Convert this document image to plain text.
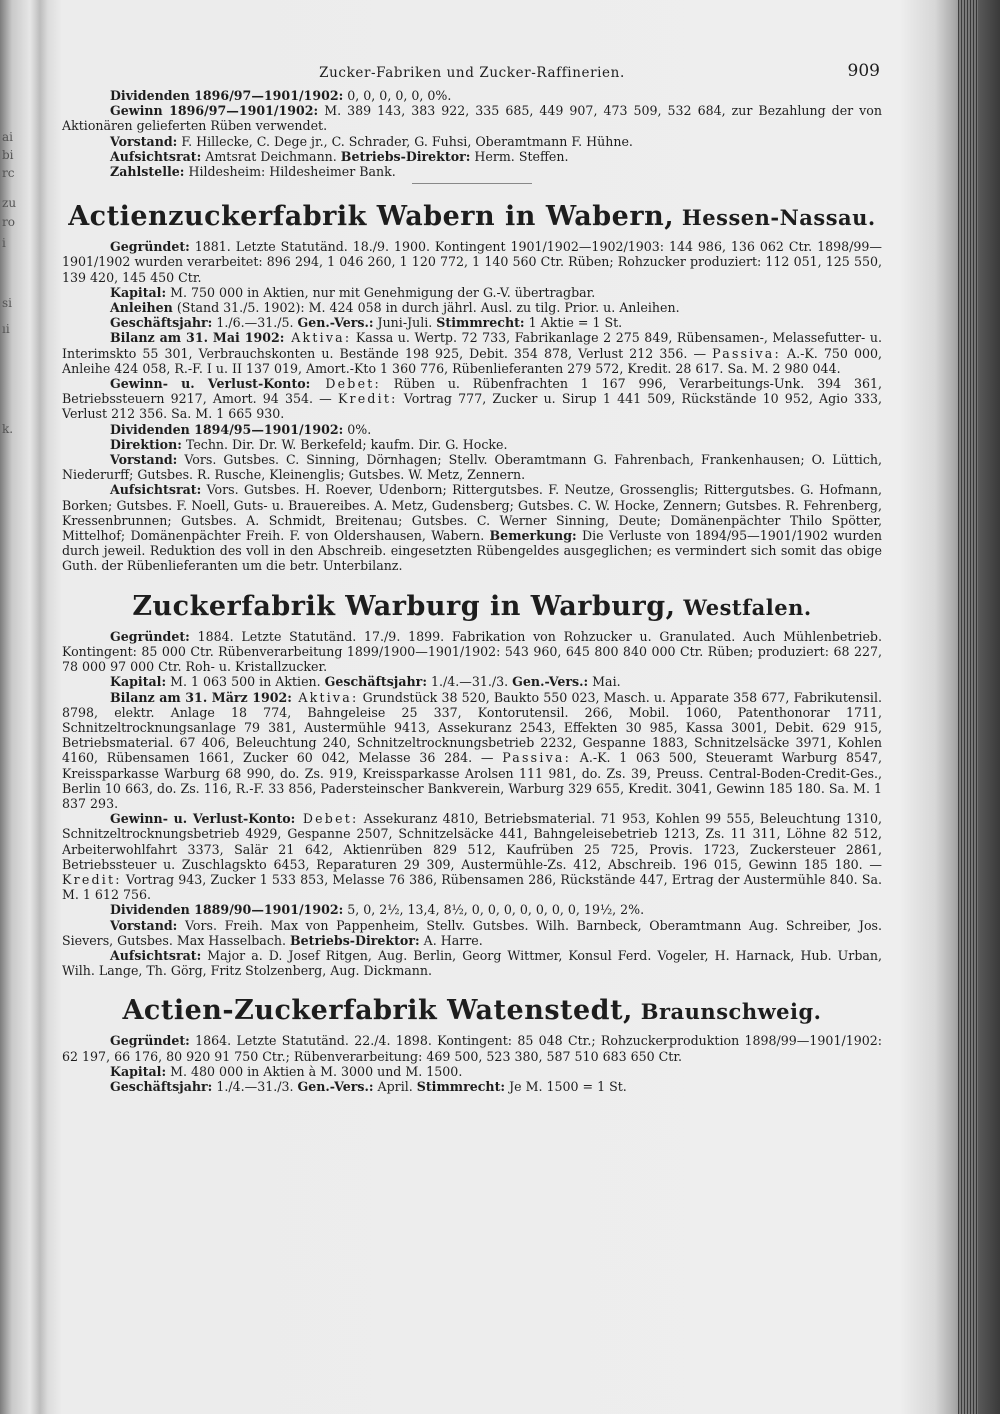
ai
bi
rc
zu
ro
i
si
ıi
k.
Zucker-Fabriken und Zucker-Raffinerien.	909

Dividenden 1896/97—1901/1902: 0, 0, 0, 0, 0, 0%.

Gewinn 1896/97—1901/1902: M. 389 143, 383 922, 335 685, 449 907, 473 509, 532 684, zur Bezahlung der von Aktionären gelieferten Rüben verwendet.

Vorstand: F. Hillecke, C. Dege jr., C. Schrader, G. Fuhsi, Oberamtmann F. Hühne.

Aufsichtsrat: Amtsrat Deichmann. Betriebs-Direktor: Herm. Steffen.

Zahlstelle: Hildesheim: Hildesheimer Bank.

Actienzuckerfabrik Wabern in Wabern, Hessen-Nassau.

Gegründet: 1881. Letzte Statutänd. 18./9. 1900. Kontingent 1901/1902—1902/1903: 144 986, 136 062 Ctr. 1898/99—1901/1902 wurden verarbeitet: 896 294, 1 046 260, 1 120 772, 1 140 560 Ctr. Rüben; Rohzucker produziert: 112 051, 125 550, 139 420, 145 450 Ctr.

Kapital: M. 750 000 in Aktien, nur mit Genehmigung der G.-V. übertragbar.

Anleihen (Stand 31./5. 1902): M. 424 058 in durch jährl. Ausl. zu tilg. Prior. u. Anleihen.

Geschäftsjahr: 1./6.—31./5. Gen.-Vers.: Juni-Juli. Stimmrecht: 1 Aktie = 1 St.

Bilanz am 31. Mai 1902: Aktiva: Kassa u. Wertp. 72 733, Fabrikanlage 2 275 849, Rübensamen-, Melassefutter- u. Interimskto 55 301, Verbrauchskonten u. Bestände 198 925, Debit. 354 878, Verlust 212 356. — Passiva: A.-K. 750 000, Anleihe 424 058, R.-F. I u. II 137 019, Amort.-Kto 1 360 776, Rübenlieferanten 279 572, Kredit. 28 617. Sa. M. 2 980 044.

Gewinn- u. Verlust-Konto: Debet: Rüben u. Rübenfrachten 1 167 996, Verarbeitungs-Unk. 394 361, Betriebssteuern 9217, Amort. 94 354. — Kredit: Vortrag 777, Zucker u. Sirup 1 441 509, Rückstände 10 952, Agio 333, Verlust 212 356. Sa. M. 1 665 930.

Dividenden 1894/95—1901/1902: 0%.

Direktion: Techn. Dir. Dr. W. Berkefeld; kaufm. Dir. G. Hocke.

Vorstand: Vors. Gutsbes. C. Sinning, Dörnhagen; Stellv. Oberamtmann G. Fahrenbach, Frankenhausen; O. Lüttich, Niederurff; Gutsbes. R. Rusche, Kleinenglis; Gutsbes. W. Metz, Zennern.

Aufsichtsrat: Vors. Gutsbes. H. Roever, Udenborn; Rittergutsbes. F. Neutze, Grossenglis; Rittergutsbes. G. Hofmann, Borken; Gutsbes. F. Noell, Guts- u. Brauereibes. A. Metz, Gudensberg; Gutsbes. C. W. Hocke, Zennern; Gutsbes. R. Fehrenberg, Kressenbrunnen; Gutsbes. A. Schmidt, Breitenau; Gutsbes. C. Werner Sinning, Deute; Domänenpächter Thilo Spötter, Mittelhof; Domänenpächter Freih. F. von Oldershausen, Wabern. Bemerkung: Die Verluste von 1894/95—1901/1902 wurden durch jeweil. Reduktion des voll in den Abschreib. eingesetzten Rübengeldes ausgeglichen; es vermindert sich somit das obige Guth. der Rübenlieferanten um die betr. Unterbilanz.

Zuckerfabrik Warburg in Warburg, Westfalen.

Gegründet: 1884. Letzte Statutänd. 17./9. 1899. Fabrikation von Rohzucker u. Granulated. Auch Mühlenbetrieb. Kontingent: 85 000 Ctr. Rübenverarbeitung 1899/1900—1901/1902: 543 960, 645 800 840 000 Ctr. Rüben; produziert: 68 227, 78 000 97 000 Ctr. Roh- u. Kristallzucker.

Kapital: M. 1 063 500 in Aktien. Geschäftsjahr: 1./4.—31./3. Gen.-Vers.: Mai.

Bilanz am 31. März 1902: Aktiva: Grundstück 38 520, Baukto 550 023, Masch. u. Apparate 358 677, Fabrikutensil. 8798, elektr. Anlage 18 774, Bahngeleise 25 337, Kontorutensil. 266, Mobil. 1060, Patenthonorar 1711, Schnitzeltrocknungsanlage 79 381, Austermühle 9413, Assekuranz 2543, Effekten 30 985, Kassa 3001, Debit. 629 915, Betriebsmaterial. 67 406, Beleuchtung 240, Schnitzeltrocknungsbetrieb 2232, Gespanne 1883, Schnitzelsäcke 3971, Kohlen 4160, Rübensamen 1661, Zucker 60 042, Melasse 36 284. — Passiva: A.-K. 1 063 500, Steueramt Warburg 8547, Kreissparkasse Warburg 68 990, do. Zs. 919, Kreissparkasse Arolsen 111 981, do. Zs. 39, Preuss. Central-Boden-Credit-Ges., Berlin 10 663, do. Zs. 116, R.-F. 33 856, Padersteinscher Bankverein, Warburg 329 655, Kredit. 3041, Gewinn 185 180. Sa. M. 1 837 293.

Gewinn- u. Verlust-Konto: Debet: Assekuranz 4810, Betriebsmaterial. 71 953, Kohlen 99 555, Beleuchtung 1310, Schnitzeltrocknungsbetrieb 4929, Gespanne 2507, Schnitzelsäcke 441, Bahngeleisebetrieb 1213, Zs. 11 311, Löhne 82 512, Arbeiterwohlfahrt 3373, Salär 21 642, Aktienrüben 829 512, Kaufrüben 25 725, Provis. 1723, Zuckersteuer 2861, Betriebssteuer u. Zuschlagskto 6453, Reparaturen 29 309, Austermühle-Zs. 412, Abschreib. 196 015, Gewinn 185 180. — Kredit: Vortrag 943, Zucker 1 533 853, Melasse 76 386, Rübensamen 286, Rückstände 447, Ertrag der Austermühle 840. Sa. M. 1 612 756.

Dividenden 1889/90—1901/1902: 5, 0, 2½, 13,4, 8½, 0, 0, 0, 0, 0, 0, 0, 19½, 2%.

Vorstand: Vors. Freih. Max von Pappenheim, Stellv. Gutsbes. Wilh. Barnbeck, Oberamtmann Aug. Schreiber, Jos. Sievers, Gutsbes. Max Hasselbach. Betriebs-Direktor: A. Harre.

Aufsichtsrat: Major a. D. Josef Ritgen, Aug. Berlin, Georg Wittmer, Konsul Ferd. Vogeler, H. Harnack, Hub. Urban, Wilh. Lange, Th. Görg, Fritz Stolzenberg, Aug. Dickmann.

Actien-Zuckerfabrik Watenstedt, Braunschweig.

Gegründet: 1864. Letzte Statutänd. 22./4. 1898. Kontingent: 85 048 Ctr.; Rohzuckerproduktion 1898/99—1901/1902: 62 197, 66 176, 80 920 91 750 Ctr.; Rübenverarbeitung: 469 500, 523 380, 587 510 683 650 Ctr.

Kapital: M. 480 000 in Aktien à M. 3000 und M. 1500.

Geschäftsjahr: 1./4.—31./3. Gen.-Vers.: April. Stimmrecht: Je M. 1500 = 1 St.
